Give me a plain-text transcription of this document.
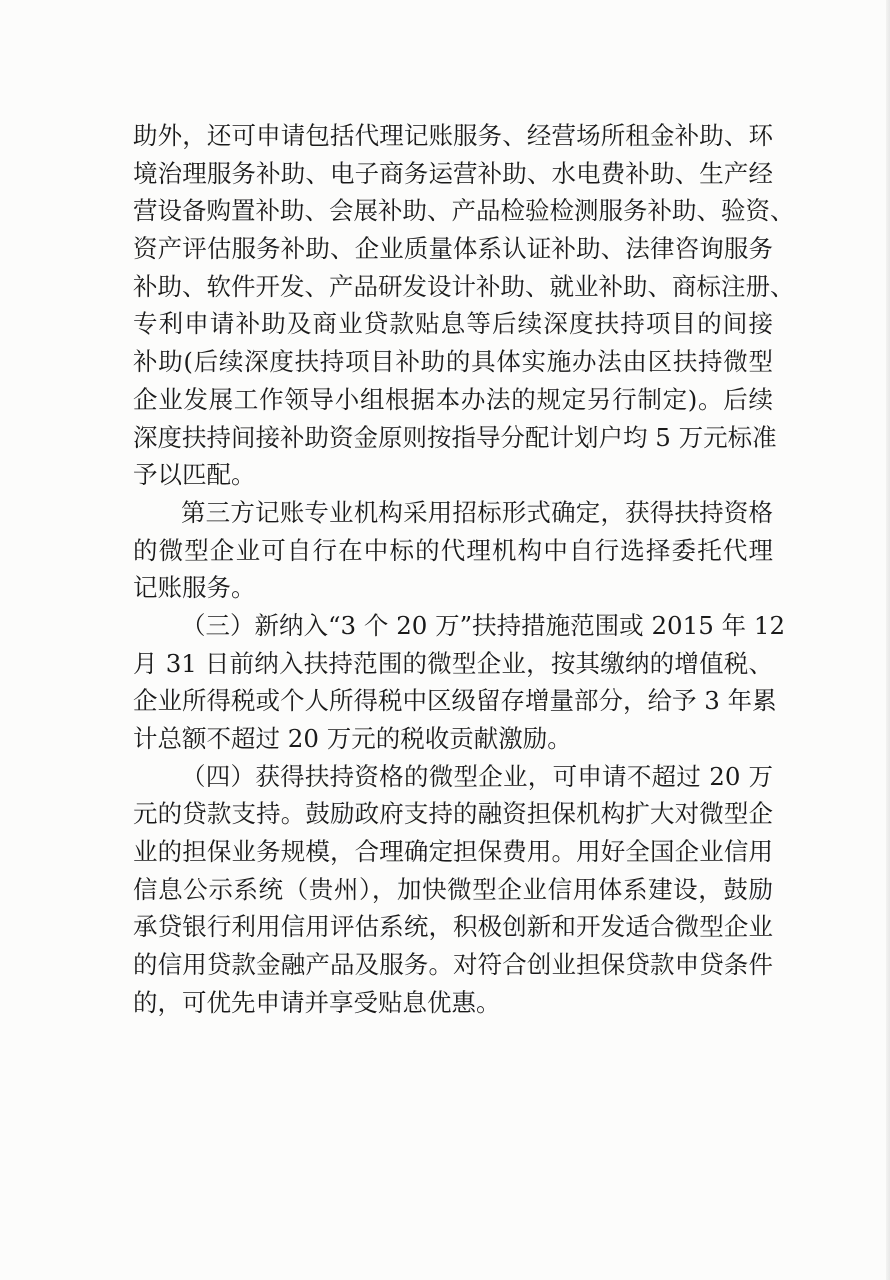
助外，还可申请包括代理记账服务、经营场所租金补助、环
境治理服务补助、电子商务运营补助、水电费补助、生产经
营设备购置补助、会展补助、产品检验检测服务补助、验资、
资产评估服务补助、企业质量体系认证补助、法律咨询服务
补助、软件开发、产品研发设计补助、就业补助、商标注册、
专利申请补助及商业贷款贴息等后续深度扶持项目的间接
补助(后续深度扶持项目补助的具体实施办法由区扶持微型
企业发展工作领导小组根据本办法的规定另行制定)。后续
深度扶持间接补助资金原则按指导分配计划户均 5 万元标准
予以匹配。
第三方记账专业机构采用招标形式确定，获得扶持资格
的微型企业可自行在中标的代理机构中自行选择委托代理
记账服务。
（三）新纳入“3 个 20 万”扶持措施范围或 2015 年 12
月 31 日前纳入扶持范围的微型企业，按其缴纳的增值税、
企业所得税或个人所得税中区级留存增量部分，给予 3 年累
计总额不超过 20 万元的税收贡献激励。
（四）获得扶持资格的微型企业，可申请不超过 20 万
元的贷款支持。鼓励政府支持的融资担保机构扩大对微型企
业的担保业务规模，合理确定担保费用。用好全国企业信用
信息公示系统（贵州），加快微型企业信用体系建设，鼓励
承贷银行利用信用评估系统，积极创新和开发适合微型企业
的信用贷款金融产品及服务。对符合创业担保贷款申贷条件
的，可优先申请并享受贴息优惠。
